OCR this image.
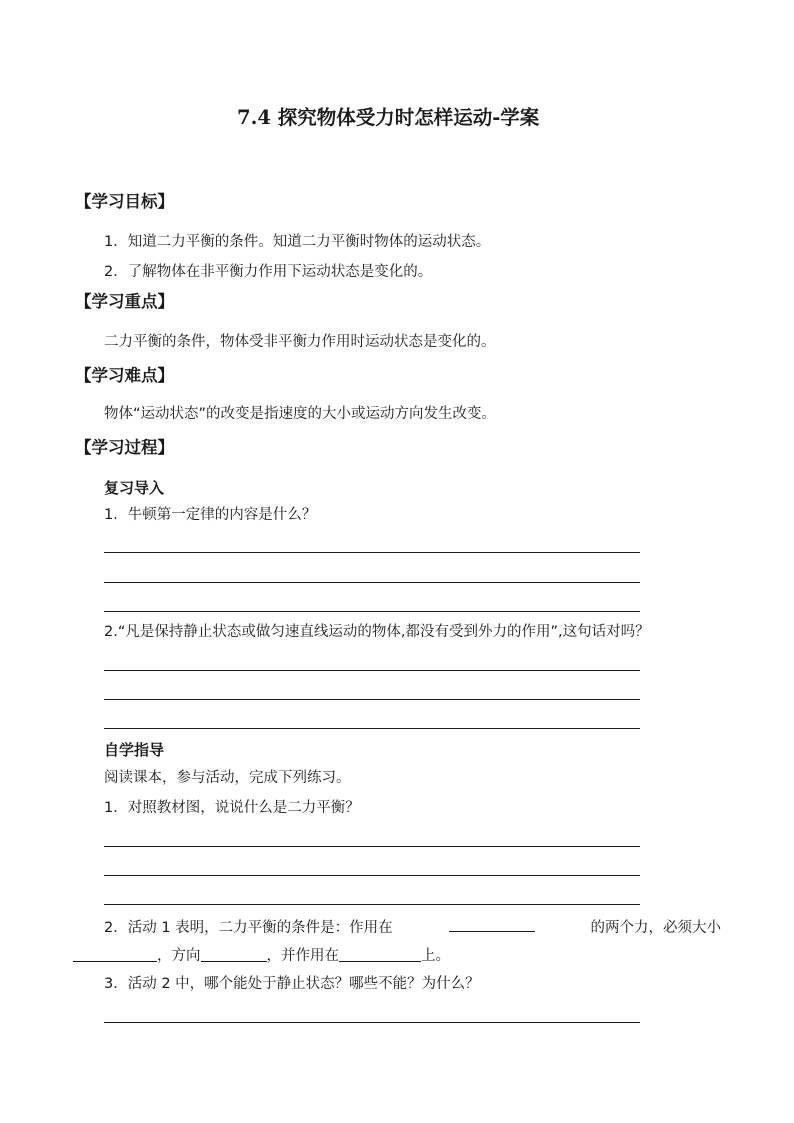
7.4 探究物体受力时怎样运动-学案
【学习目标】
1．知道二力平衡的条件。知道二力平衡时物体的运动状态。
2．了解物体在非平衡力作用下运动状态是变化的。
【学习重点】
二力平衡的条件，物体受非平衡力作用时运动状态是变化的。
【学习难点】
物体“运动状态”的改变是指速度的大小或运动方向发生改变。
【学习过程】
复习导入
1．牛顿第一定律的内容是什么？
2.“凡是保持静止状态或做匀速直线运动的物体,都没有受到外力的作用”,这句话对吗？
自学指导
阅读课本，参与活动，完成下列练习。
1．对照教材图，说说什么是二力平衡？
2．活动 1 表明，二力平衡的条件是：作用在	的两个力，必须大小
，方向	，并作用在	上。
3．活动 2 中，哪个能处于静止状态？哪些不能？为什么？
